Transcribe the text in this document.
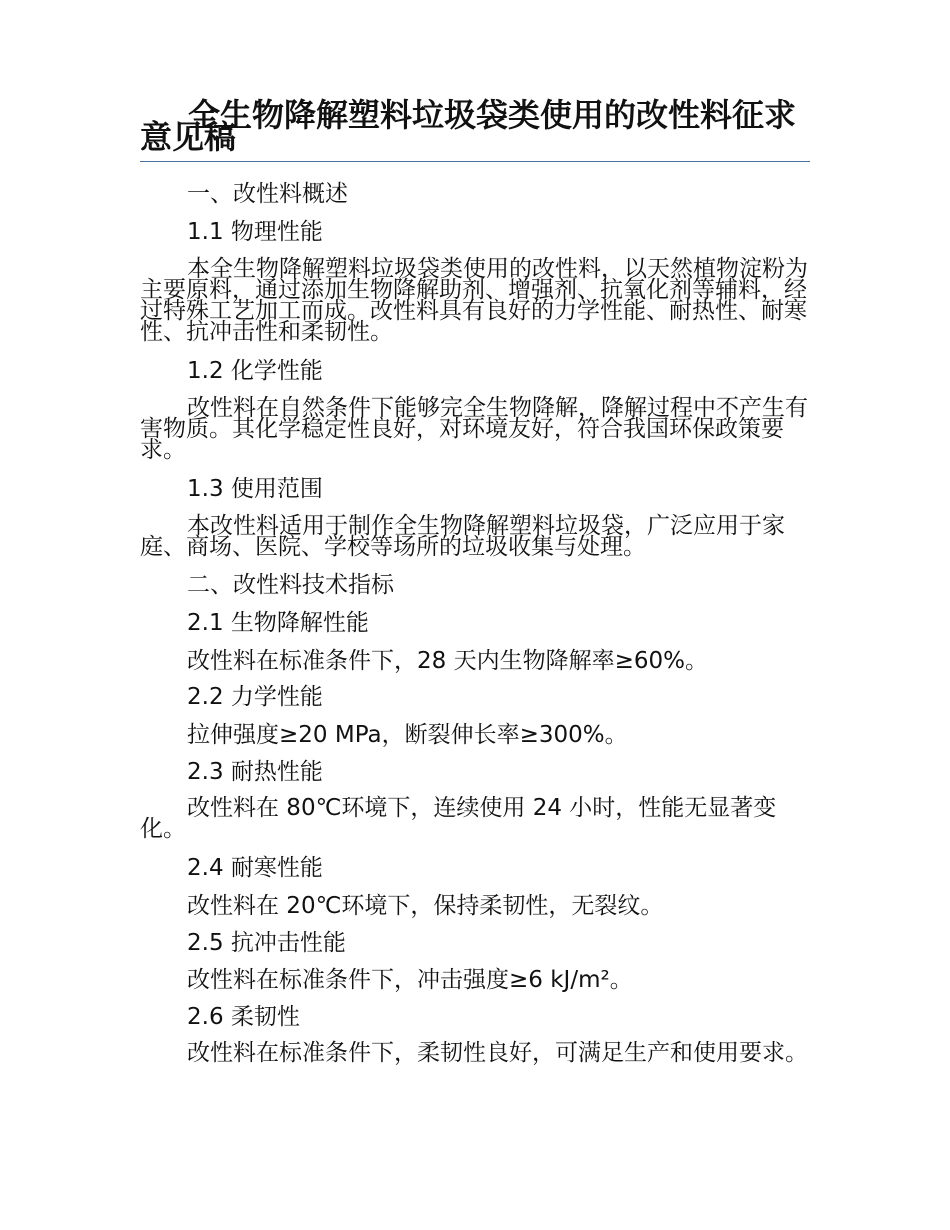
全生物降解塑料垃圾袋类使用的改性料征求意见稿

一、改性料概述

1.1 物理性能

本全生物降解塑料垃圾袋类使用的改性料，以天然植物淀粉为主要原料，通过添加生物降解助剂、增强剂、抗氧化剂等辅料，经过特殊工艺加工而成。改性料具有良好的力学性能、耐热性、耐寒性、抗冲击性和柔韧性。

1.2 化学性能

改性料在自然条件下能够完全生物降解，降解过程中不产生有害物质。其化学稳定性良好，对环境友好，符合我国环保政策要求。

1.3 使用范围

本改性料适用于制作全生物降解塑料垃圾袋，广泛应用于家庭、商场、医院、学校等场所的垃圾收集与处理。

二、改性料技术指标

2.1 生物降解性能

改性料在标准条件下，28 天内生物降解率≥60%。

2.2 力学性能

拉伸强度≥20 MPa，断裂伸长率≥300%。

2.3 耐热性能

改性料在 80℃环境下，连续使用 24 小时，性能无显著变化。

2.4 耐寒性能

改性料在 20℃环境下，保持柔韧性，无裂纹。

2.5 抗冲击性能

改性料在标准条件下，冲击强度≥6 kJ/m²。

2.6 柔韧性

改性料在标准条件下，柔韧性良好，可满足生产和使用要求。
